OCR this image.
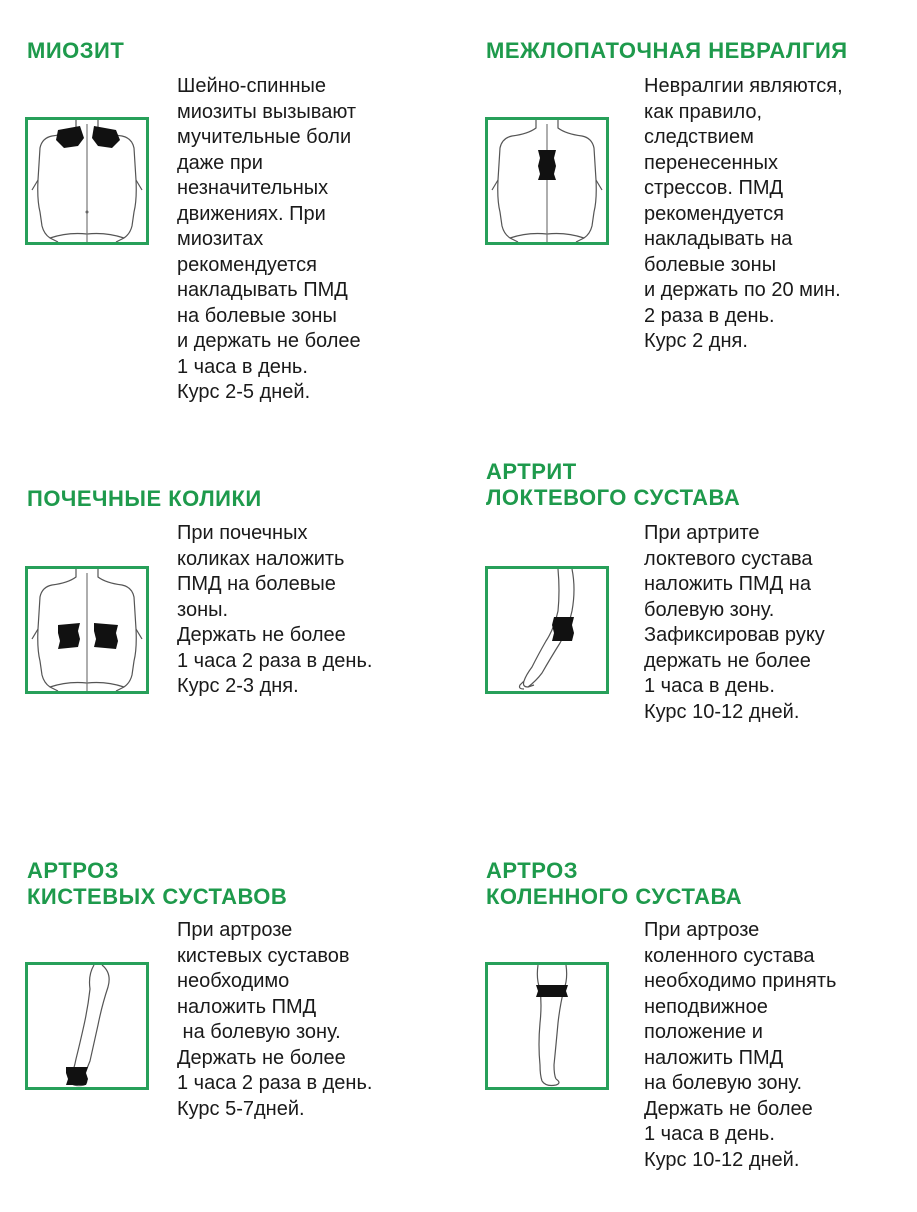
МИОЗИТ
Шейно-спинные
миозиты вызывают
мучительные боли
даже при
незначительных
движениях. При
миозитах
рекомендуется
накладывать ПМД
на болевые зоны
и держать не более
1 часа в день.
Курс 2-5 дней.
МЕЖЛОПАТОЧНАЯ НЕВРАЛГИЯ
Невралгии являются,
как правило,
следствием
перенесенных
стрессов. ПМД
рекомендуется
накладывать на
болевые зоны
и держать по 20 мин.
2 раза в день.
Курс 2 дня.
ПОЧЕЧНЫЕ КОЛИКИ
При почечных
коликах наложить
ПМД на болевые
зоны.
Держать не более
1 часа 2 раза в день.
Курс 2-3 дня.
АРТРИТ
ЛОКТЕВОГО СУСТАВА
При артрите
локтевого сустава
наложить ПМД на
болевую зону.
Зафиксировав руку
держать не более
1 часа в день.
Курс 10-12 дней.
АРТРОЗ
КИСТЕВЫХ СУСТАВОВ
При артрозе
кистевых суставов
необходимо
наложить ПМД
на болевую зону.
Держать не более
1 часа 2 раза в день.
Курс 5-7дней.
АРТРОЗ
КОЛЕННОГО СУСТАВА
При артрозе
коленного сустава
необходимо принять
неподвижное
положение и
наложить ПМД
на болевую зону.
Держать не более
1 часа в день.
Курс 10-12 дней.
